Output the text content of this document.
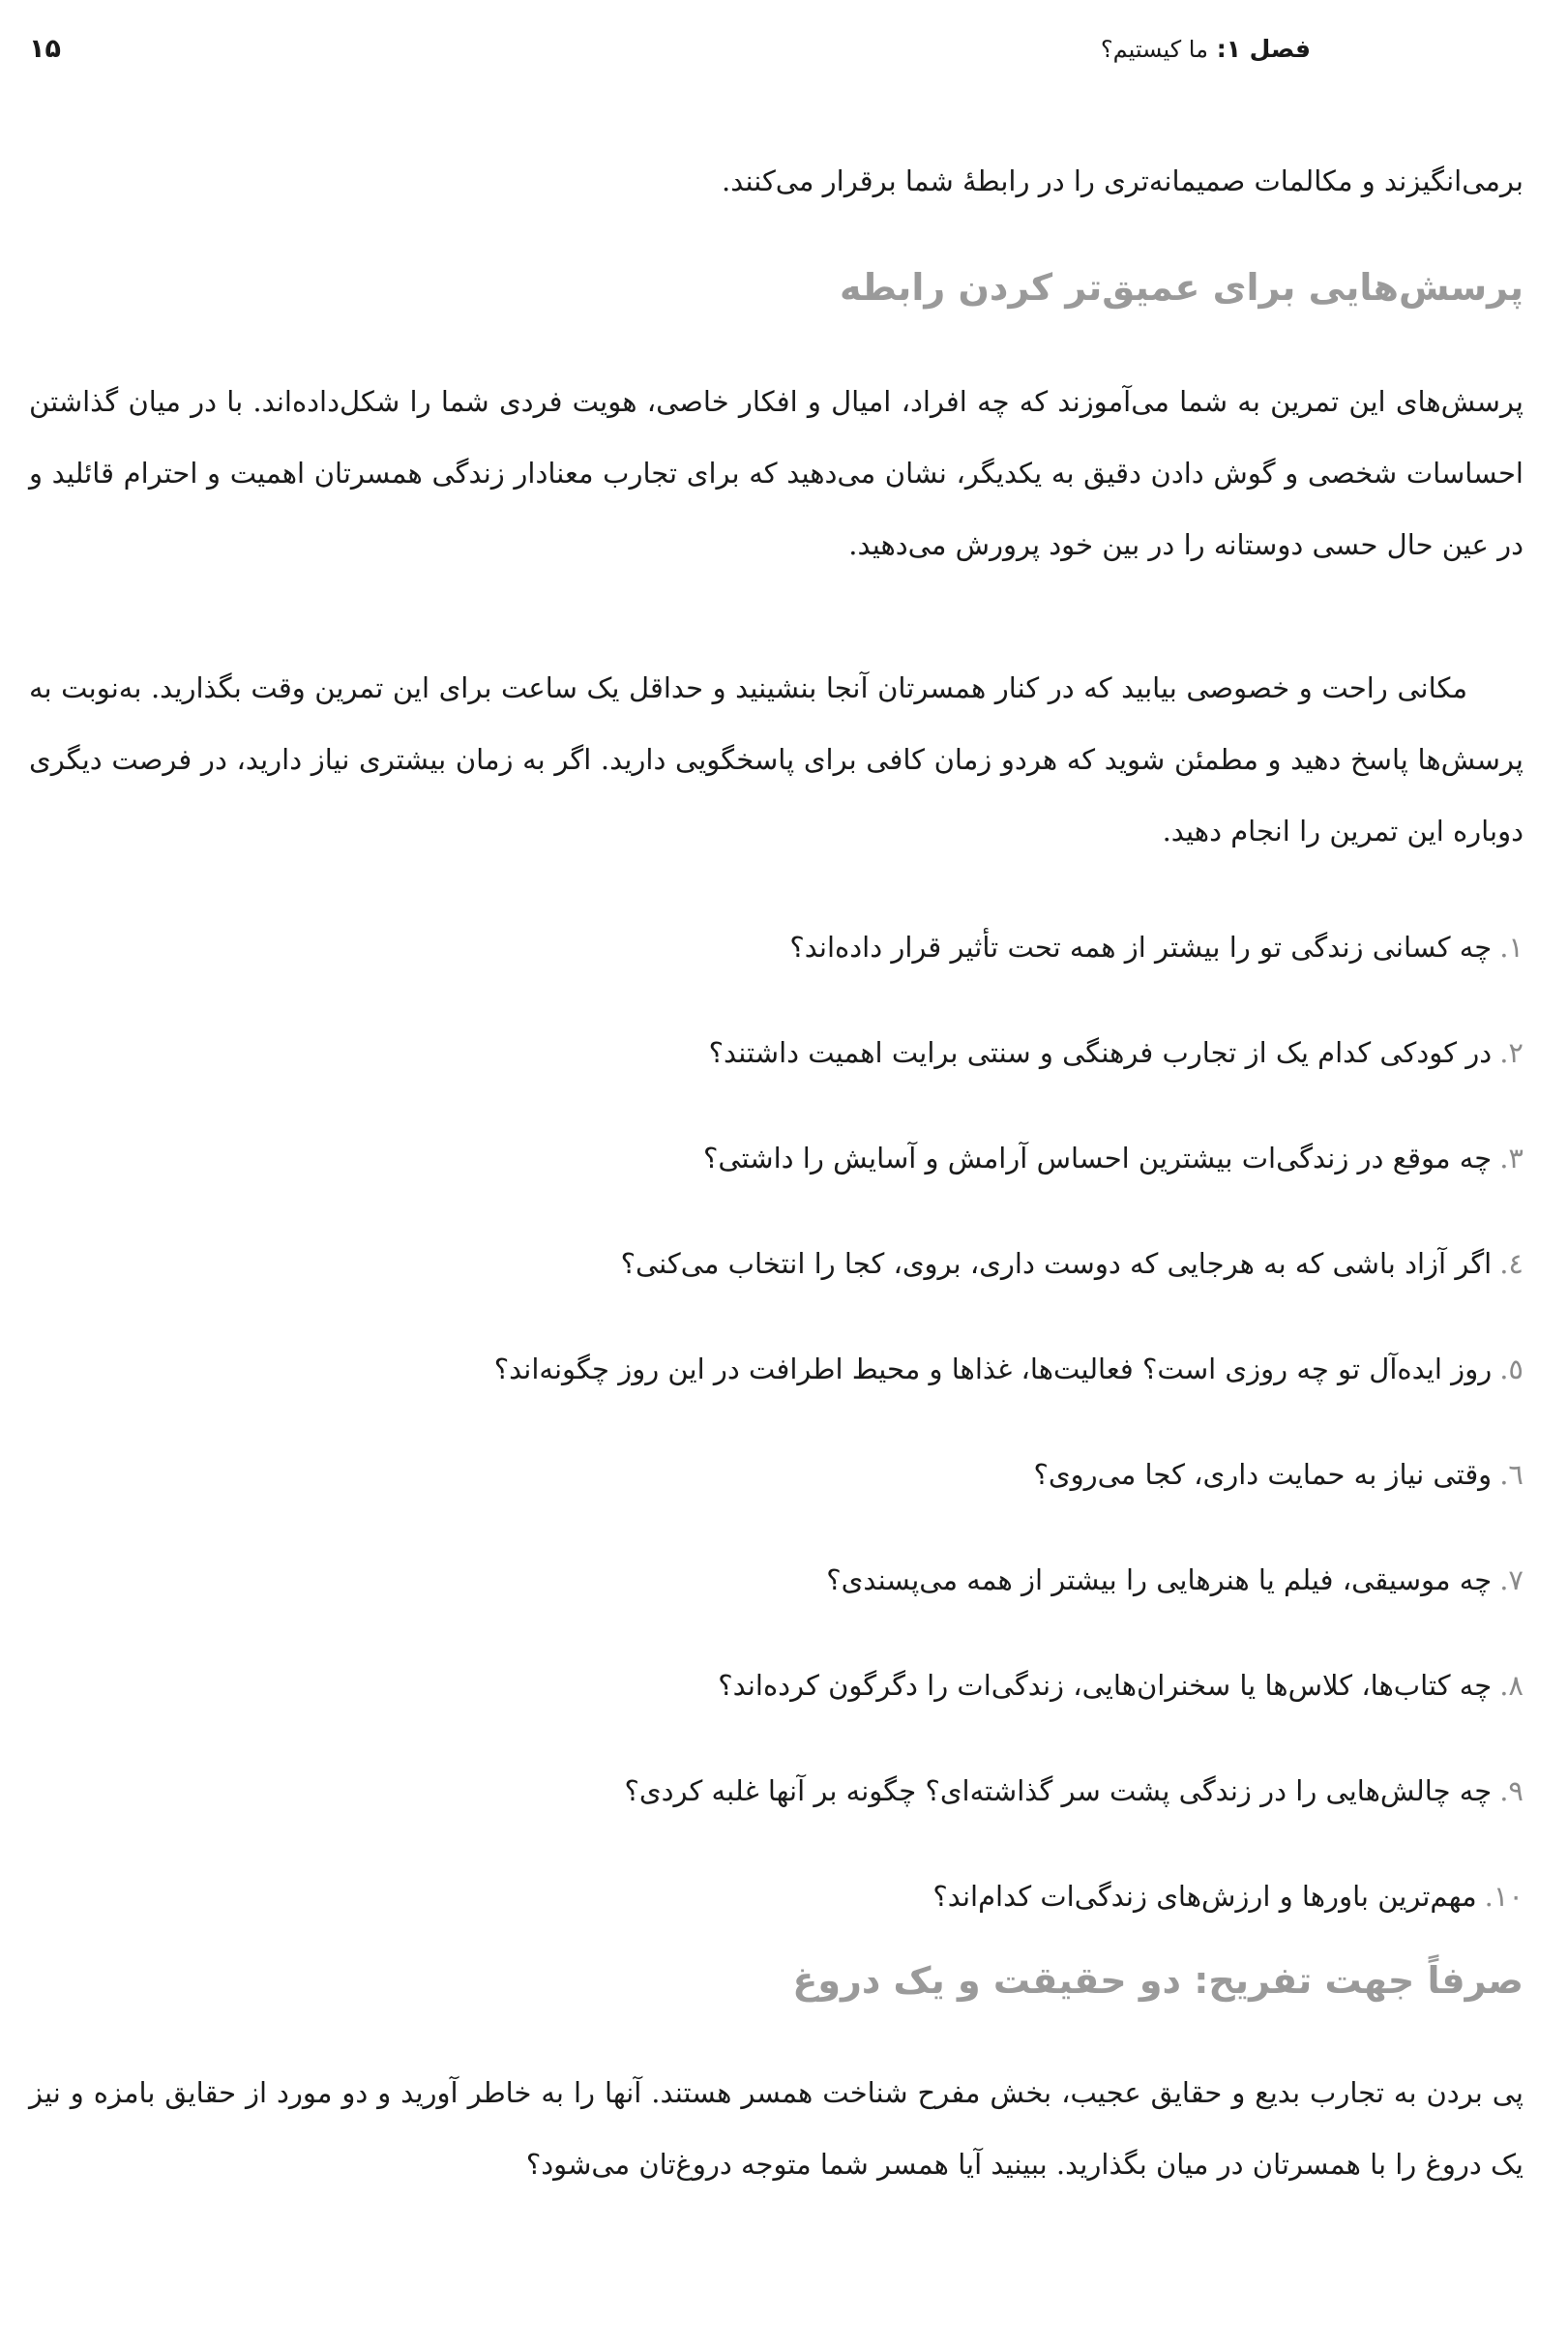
فصل ۱: ما کیستیم؟
۱۵

برمی‌انگیزند و مکالمات صمیمانه‌تری را در رابطهٔ شما برقرار می‌کنند.

پرسش‌هایی برای عمیق‌تر کردن رابطه

پرسش‌های این تمرین به شما می‌آموزند که چه افراد، امیال و افکار خاصی، هویت فردی شما را شکل‌داده‌اند. با در میان گذاشتن احساسات شخصی و گوش دادن دقیق به یکدیگر، نشان می‌دهید که برای تجارب معنادار زندگی همسرتان اهمیت و احترام قائلید و در عین حال حسی دوستانه را در بین خود پرورش می‌دهید.

مکانی راحت و خصوصی بیابید که در کنار همسرتان آنجا بنشینید و حداقل یک ساعت برای این تمرین وقت بگذارید. به‌نوبت به پرسش‌ها پاسخ دهید و مطمئن شوید که هردو زمان کافی برای پاسخگویی دارید. اگر به زمان بیشتری نیاز دارید، در فرصت دیگری دوباره این تمرین را انجام دهید.

۱.
چه کسانی زندگی تو را بیشتر از همه تحت تأثیر قرار داده‌اند؟
۲.
در کودکی کدام یک از تجارب فرهنگی و سنتی برایت اهمیت داشتند؟
۳.
چه موقع در زندگی‌ات بیشترین احساس آرامش و آسایش را داشتی؟
٤.
اگر آزاد باشی که به هرجایی که دوست داری، بروی، کجا را انتخاب می‌کنی؟
٥.
روز ایده‌آل تو چه روزی است؟ فعالیت‌ها، غذاها و محیط اطرافت در این روز چگونه‌اند؟
٦.
وقتی نیاز به حمایت داری، کجا می‌روی؟
۷.
چه موسیقی، فیلم یا هنرهایی را بیشتر از همه می‌پسندی؟
۸.
چه کتاب‌ها، کلاس‌ها یا سخنران‌هایی، زندگی‌ات را دگرگون کرده‌اند؟
۹.
چه چالش‌هایی را در زندگی پشت سر گذاشته‌ای؟ چگونه بر آنها غلبه کردی؟
۱۰.
مهم‌ترین باورها و ارزش‌های زندگی‌ات کدام‌اند؟
صرفاً جهت تفریح: دو حقیقت و یک دروغ

پی بردن به تجارب بدیع و حقایق عجیب، بخش مفرح شناخت همسر هستند. آنها را به خاطر آورید و دو مورد از حقایق بامزه و نیز یک دروغ را با همسرتان در میان بگذارید. ببینید آیا همسر شما متوجه دروغ‌تان می‌شود؟
